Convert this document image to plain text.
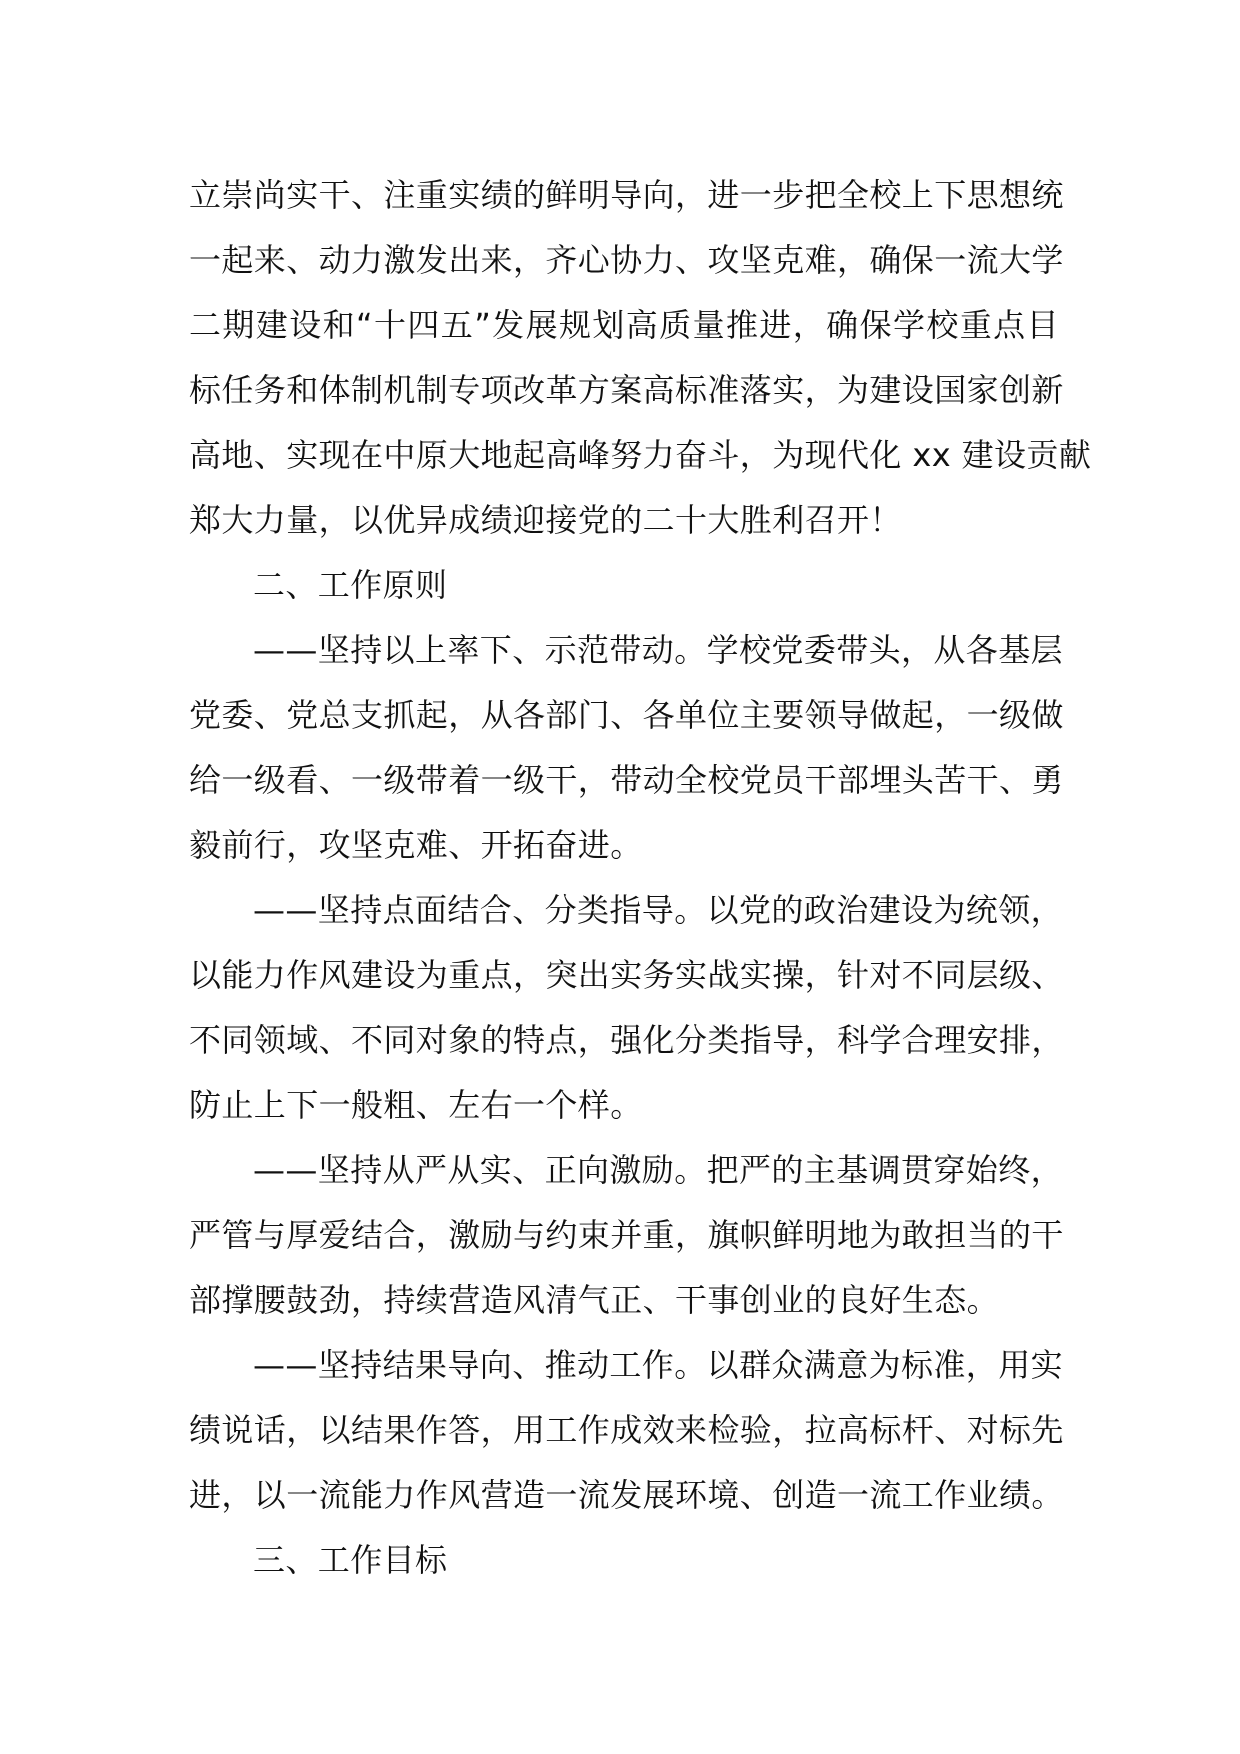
立崇尚实干、注重实绩的鲜明导向，进一步把全校上下思想统
一起来、动力激发出来，齐心协力、攻坚克难，确保一流大学
二期建设和“十四五”发展规划高质量推进，确保学校重点目
标任务和体制机制专项改革方案高标准落实，为建设国家创新
高地、实现在中原大地起高峰努力奋斗，为现代化 xx 建设贡献
郑大力量，以优异成绩迎接党的二十大胜利召开！
二、工作原则
——坚持以上率下、示范带动。学校党委带头，从各基层
党委、党总支抓起，从各部门、各单位主要领导做起，一级做
给一级看、一级带着一级干，带动全校党员干部埋头苦干、勇
毅前行，攻坚克难、开拓奋进。
——坚持点面结合、分类指导。以党的政治建设为统领，
以能力作风建设为重点，突出实务实战实操，针对不同层级、
不同领域、不同对象的特点，强化分类指导，科学合理安排，
防止上下一般粗、左右一个样。
——坚持从严从实、正向激励。把严的主基调贯穿始终，
严管与厚爱结合，激励与约束并重，旗帜鲜明地为敢担当的干
部撑腰鼓劲，持续营造风清气正、干事创业的良好生态。
——坚持结果导向、推动工作。以群众满意为标准，用实
绩说话，以结果作答，用工作成效来检验，拉高标杆、对标先
进，以一流能力作风营造一流发展环境、创造一流工作业绩。
三、工作目标
